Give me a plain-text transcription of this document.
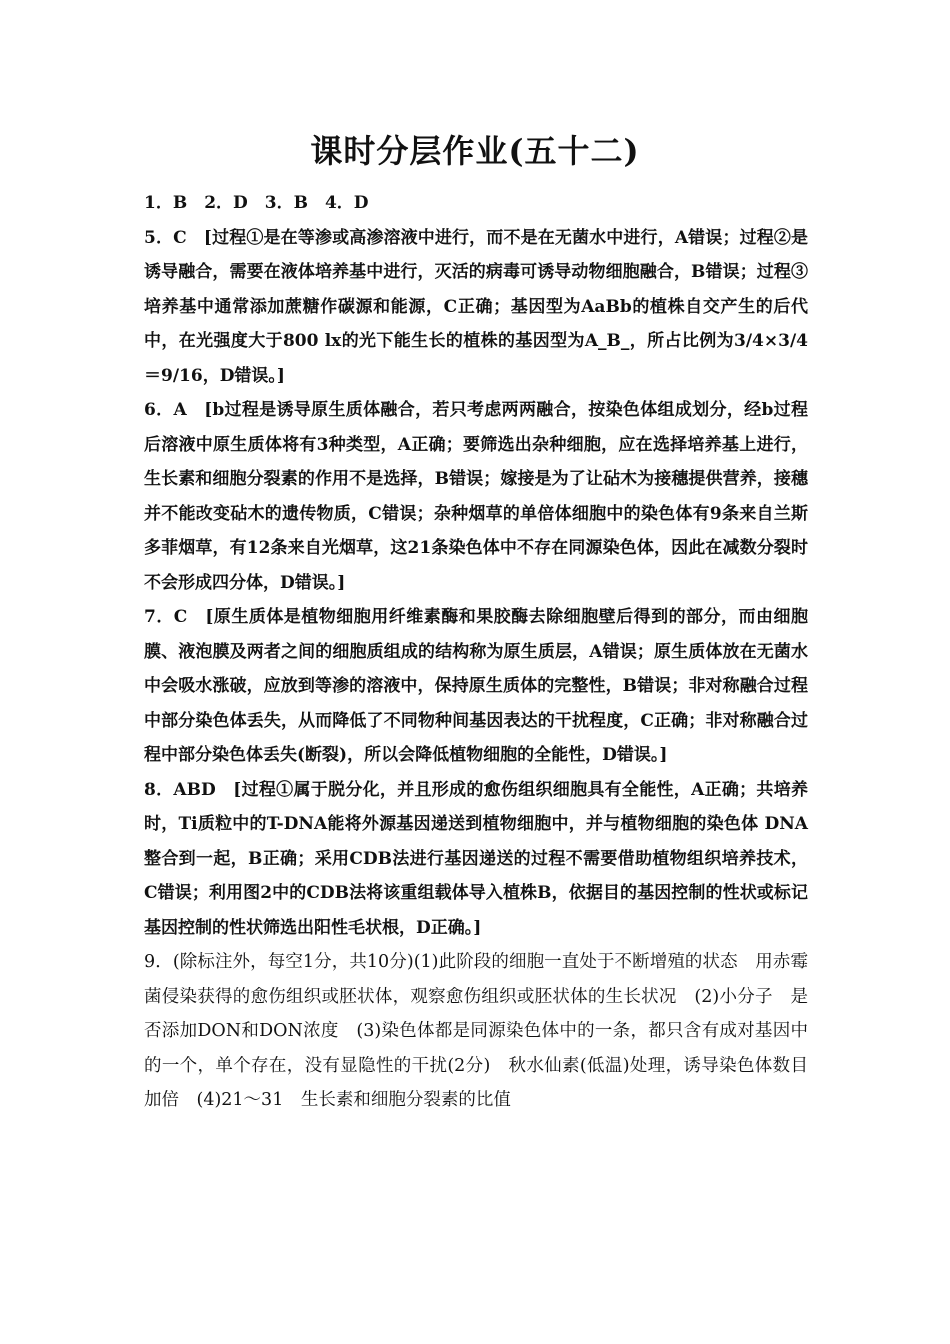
课时分层作业(五十二)

1．B　2．D　3．B　4．D

5．C　[过程①是在等渗或高渗溶液中进行，而不是在无菌水中进行，A错误；过程②是诱导融合，需要在液体培养基中进行，灭活的病毒可诱导动物细胞融合，B错误；过程③培养基中通常添加蔗糖作碳源和能源，C正确；基因型为AaBb的植株自交产生的后代中，在光强度大于800 lx的光下能生长的植株的基因型为A_B_，所占比例为3/4×3/4＝9/16，D错误。]

6．A　[b过程是诱导原生质体融合，若只考虑两两融合，按染色体组成划分，经b过程后溶液中原生质体将有3种类型，A正确；要筛选出杂种细胞，应在选择培养基上进行，生长素和细胞分裂素的作用不是选择，B错误；嫁接是为了让砧木为接穗提供营养，接穗并不能改变砧木的遗传物质，C错误；杂种烟草的单倍体细胞中的染色体有9条来自兰斯多菲烟草，有12条来自光烟草，这21条染色体中不存在同源染色体，因此在减数分裂时不会形成四分体，D错误。]

7．C　[原生质体是植物细胞用纤维素酶和果胶酶去除细胞壁后得到的部分，而由细胞膜、液泡膜及两者之间的细胞质组成的结构称为原生质层，A错误；原生质体放在无菌水中会吸水涨破，应放到等渗的溶液中，保持原生质体的完整性，B错误；非对称融合过程中部分染色体丢失，从而降低了不同物种间基因表达的干扰程度，C正确；非对称融合过程中部分染色体丢失(断裂)，所以会降低植物细胞的全能性，D错误。]

8．ABD　[过程①属于脱分化，并且形成的愈伤组织细胞具有全能性，A正确；共培养时，Ti质粒中的T-DNA能将外源基因递送到植物细胞中，并与植物细胞的染色体 DNA整合到一起，B正确；采用CDB法进行基因递送的过程不需要借助植物组织培养技术，C错误；利用图2中的CDB法将该重组载体导入植株B，依据目的基因控制的性状或标记基因控制的性状筛选出阳性毛状根，D正确。]

9．(除标注外，每空1分，共10分)(1)此阶段的细胞一直处于不断增殖的状态　用赤霉菌侵染获得的愈伤组织或胚状体，观察愈伤组织或胚状体的生长状况　(2)小分子　是否添加DON和DON浓度　(3)染色体都是同源染色体中的一条，都只含有成对基因中的一个，单个存在，没有显隐性的干扰(2分)　秋水仙素(低温)处理，诱导染色体数目加倍　(4)21～31　生长素和细胞分裂素的比值
